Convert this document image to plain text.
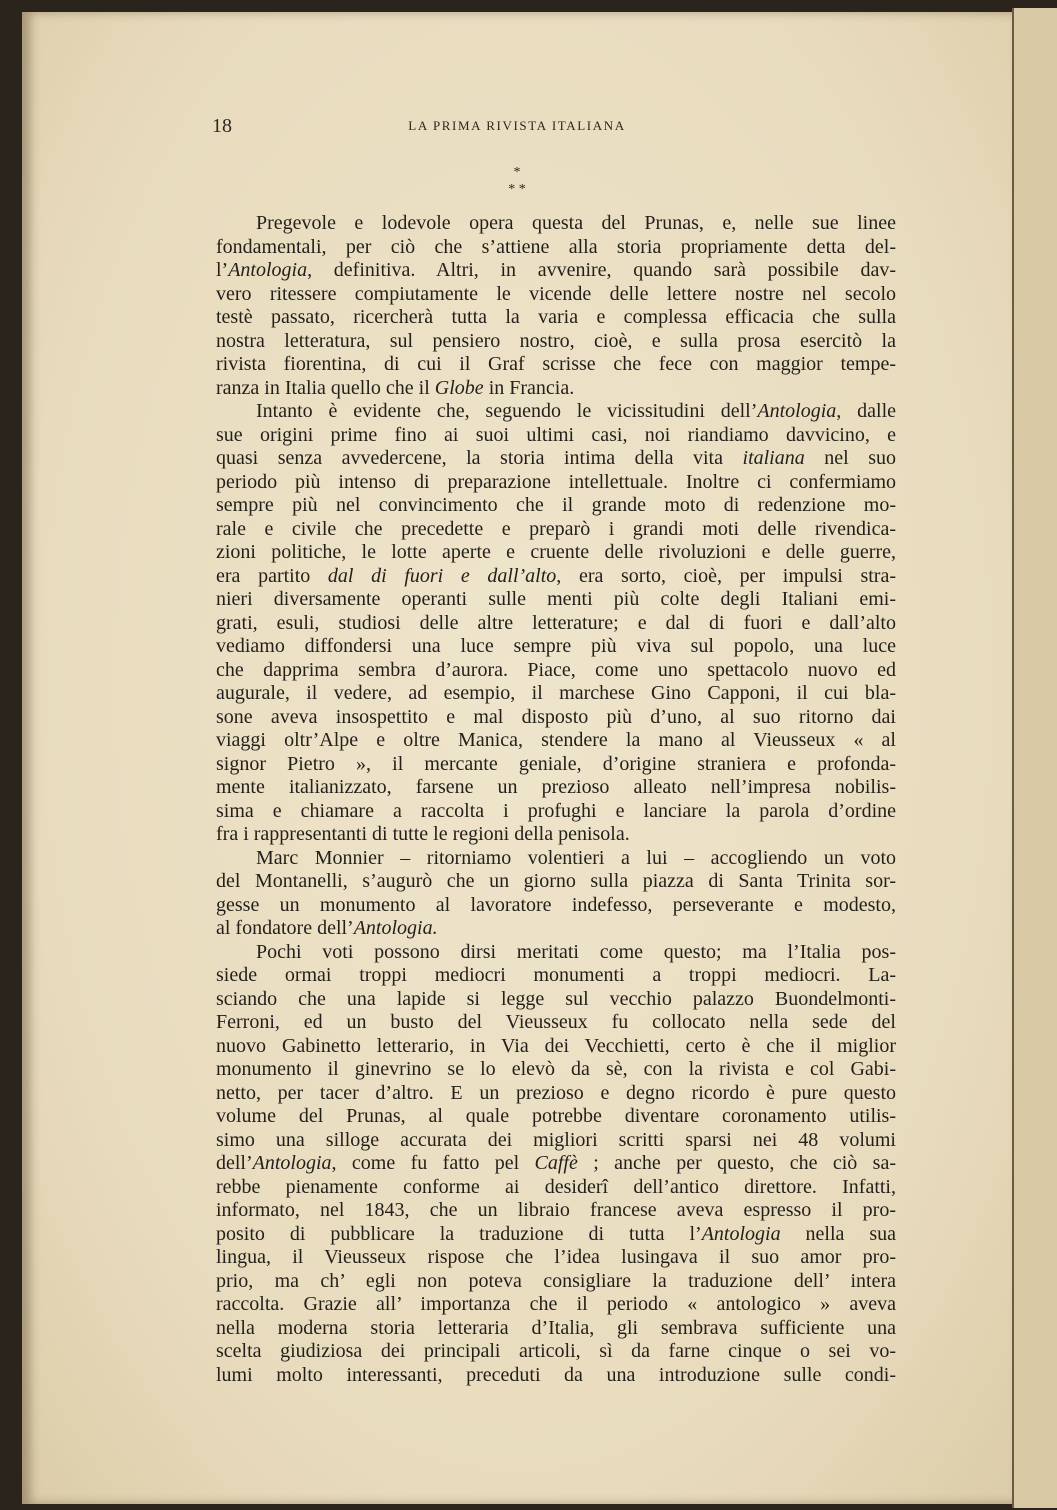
18	LA PRIMA RIVISTA ITALIANA
*
* *
Pregevole e lodevole opera questa del Prunas, e, nelle sue linee
fondamentali, per ciò che s’attiene alla storia propriamente detta del-
l’Antologia, definitiva. Altri, in avvenire, quando sarà possibile dav-
vero ritessere compiutamente le vicende delle lettere nostre nel secolo
testè passato, ricercherà tutta la varia e complessa efficacia che sulla
nostra letteratura, sul pensiero nostro, cioè, e sulla prosa esercitò la
rivista fiorentina, di cui il Graf scrisse che fece con maggior tempe-
ranza in Italia quello che il Globe in Francia.
Intanto è evidente che, seguendo le vicissitudini dell’Antologia, dalle
sue origini prime fino ai suoi ultimi casi, noi riandiamo davvicino, e
quasi senza avvedercene, la storia intima della vita italiana nel suo
periodo più intenso di preparazione intellettuale. Inoltre ci confermiamo
sempre più nel convincimento che il grande moto di redenzione mo-
rale e civile che precedette e preparò i grandi moti delle rivendica-
zioni politiche, le lotte aperte e cruente delle rivoluzioni e delle guerre,
era partito dal di fuori e dall’alto, era sorto, cioè, per impulsi stra-
nieri diversamente operanti sulle menti più colte degli Italiani emi-
grati, esuli, studiosi delle altre letterature; e dal di fuori e dall’alto
vediamo diffondersi una luce sempre più viva sul popolo, una luce
che dapprima sembra d’aurora. Piace, come uno spettacolo nuovo ed
augurale, il vedere, ad esempio, il marchese Gino Capponi, il cui bla-
sone aveva insospettito e mal disposto più d’uno, al suo ritorno dai
viaggi oltr’Alpe e oltre Manica, stendere la mano al Vieusseux « al
signor Pietro », il mercante geniale, d’origine straniera e profonda-
mente italianizzato, farsene un prezioso alleato nell’impresa nobilis-
sima e chiamare a raccolta i profughi e lanciare la parola d’ordine
fra i rappresentanti di tutte le regioni della penisola.
Marc Monnier – ritorniamo volentieri a lui – accogliendo un voto
del Montanelli, s’augurò che un giorno sulla piazza di Santa Trinita sor-
gesse un monumento al lavoratore indefesso, perseverante e modesto,
al fondatore dell’Antologia.
Pochi voti possono dirsi meritati come questo; ma l’Italia pos-
siede ormai troppi mediocri monumenti a troppi mediocri. La-
sciando che una lapide si legge sul vecchio palazzo Buondelmonti-
Ferroni, ed un busto del Vieusseux fu collocato nella sede del
nuovo Gabinetto letterario, in Via dei Vecchietti, certo è che il miglior
monumento il ginevrino se lo elevò da sè, con la rivista e col Gabi-
netto, per tacer d’altro. E un prezioso e degno ricordo è pure questo
volume del Prunas, al quale potrebbe diventare coronamento utilis-
simo una silloge accurata dei migliori scritti sparsi nei 48 volumi
dell’Antologia, come fu fatto pel Caffè ; anche per questo, che ciò sa-
rebbe pienamente conforme ai desiderî dell’antico direttore. Infatti,
informato, nel 1843, che un libraio francese aveva espresso il pro-
posito di pubblicare la traduzione di tutta l’Antologia nella sua
lingua, il Vieusseux rispose che l’idea lusingava il suo amor pro-
prio, ma ch’ egli non poteva consigliare la traduzione dell’ intera
raccolta. Grazie all’ importanza che il periodo « antologico » aveva
nella moderna storia letteraria d’Italia, gli sembrava sufficiente una
scelta giudiziosa dei principali articoli, sì da farne cinque o sei vo-
lumi molto interessanti, preceduti da una introduzione sulle condi-
